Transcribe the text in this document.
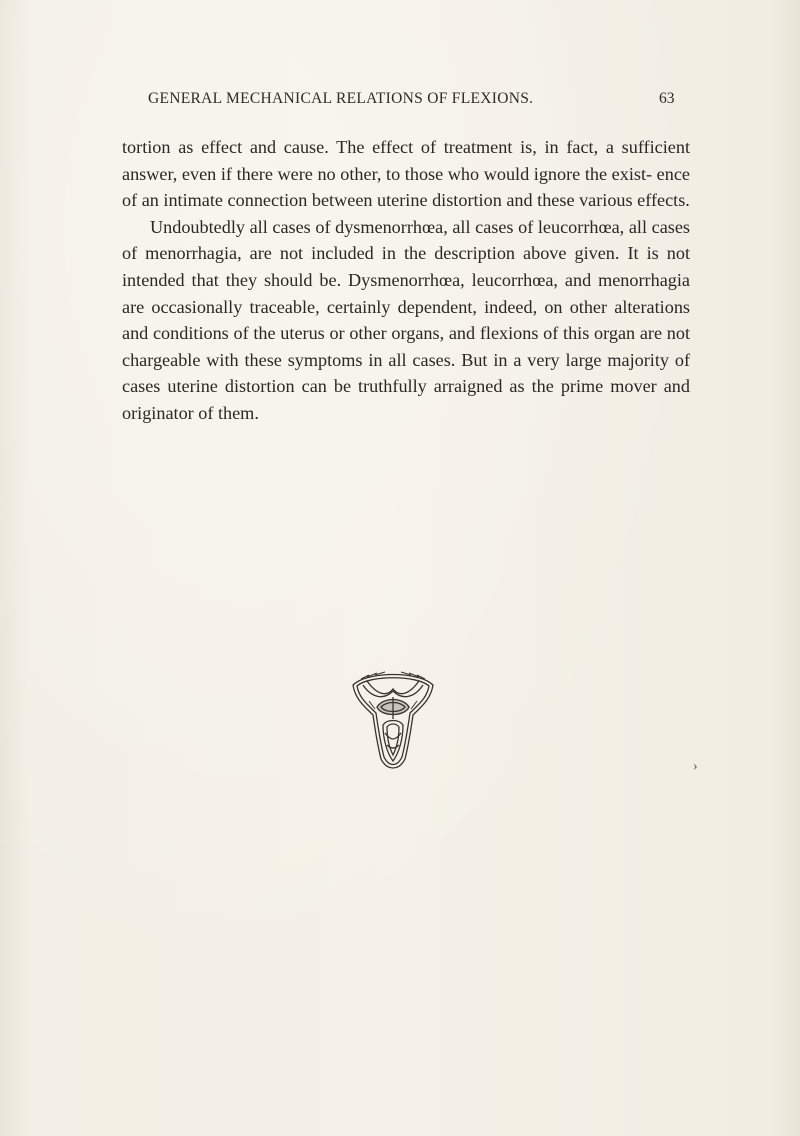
GENERAL MECHANICAL RELATIONS OF FLEXIONS.	63

tortion as effect and cause. The effect of treatment is, in fact, a sufficient answer, even if there were no other, to those who would ignore the exist- ence of an intimate connection between uterine distortion and these various effects.

Undoubtedly all cases of dysmenorrhœa, all cases of leucorrhœa, all cases of menorrhagia, are not included in the description above given. It is not intended that they should be. Dysmenorrhœa, leucorrhœa, and menorrhagia are occasionally traceable, certainly dependent, indeed, on other alterations and conditions of the uterus or other organs, and flexions of this organ are not chargeable with these symptoms in all cases. But in a very large majority of cases uterine distortion can be truthfully arraigned as the prime mover and originator of them.

›
